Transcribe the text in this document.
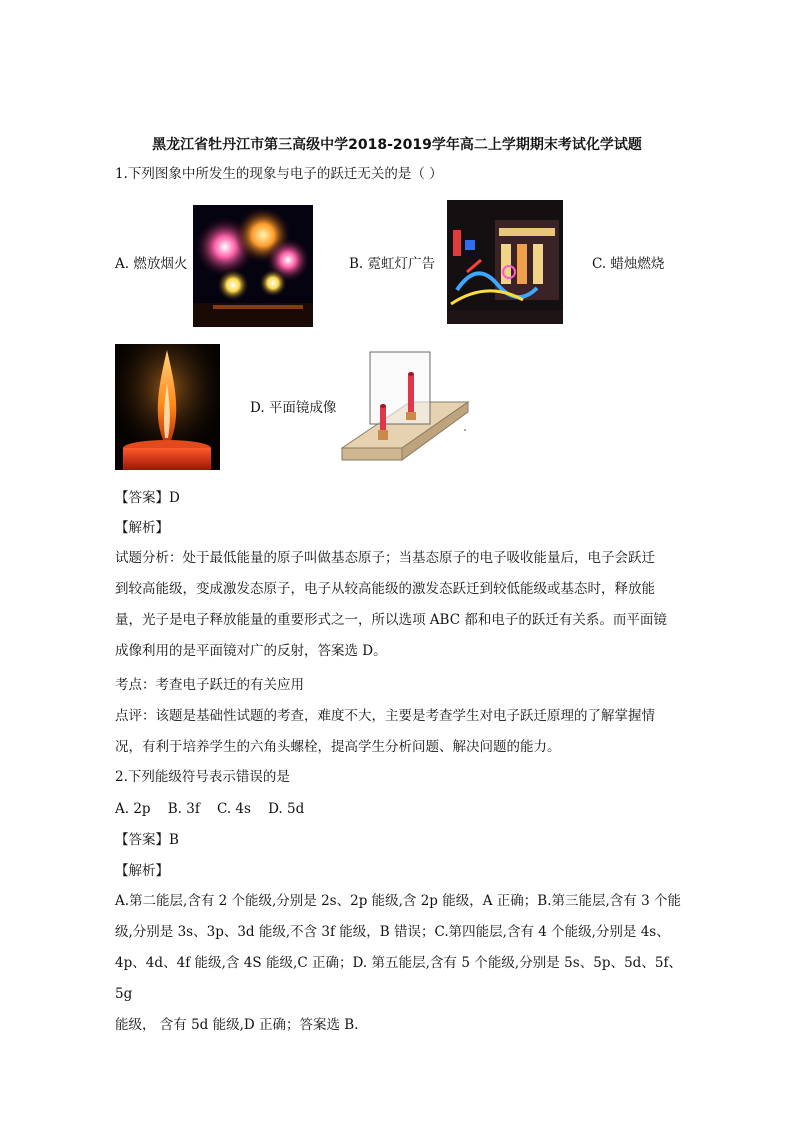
黑龙江省牡丹江市第三高级中学2018-2019学年高二上学期期末考试化学试题
1.下列图象中所发生的现象与电子的跃迁无关的是（ ）
A. 燃放烟火	B. 霓虹灯广告	C. 蜡烛燃烧
D. 平面镜成像
【答案】D
【解析】
试题分析：处于最低能量的原子叫做基态原子；当基态原子的电子吸收能量后，电子会跃迁
到较高能级，变成激发态原子，电子从较高能级的激发态跃迁到较低能级或基态时，释放能
量，光子是电子释放能量的重要形式之一，所以选项 ABC 都和电子的跃迁有关系。而平面镜
成像利用的是平面镜对广的反射，答案选 D。
考点：考查电子跃迁的有关应用
点评：该题是基础性试题的考查，难度不大，主要是考查学生对电子跃迁原理的了解掌握情
况，有利于培养学生的六角头螺栓，提高学生分析问题、解决问题的能力。
2.下列能级符号表示错误的是
A. 2p    B. 3f    C. 4s    D. 5d
【答案】B
【解析】
A.第二能层,含有 2 个能级,分别是 2s、2p 能级,含 2p 能级，A 正确；B.第三能层,含有 3 个能
级,分别是 3s、3p、3d 能级,不含 3f 能级，B 错误；C.第四能层,含有 4 个能级,分别是 4s、
4p、4d、4f 能级,含 4S 能级,C 正确；D. 第五能层,含有 5 个能级,分别是 5s、5p、5d、5f、5g
能级， 含有 5d 能级,D 正确；答案选 B.
